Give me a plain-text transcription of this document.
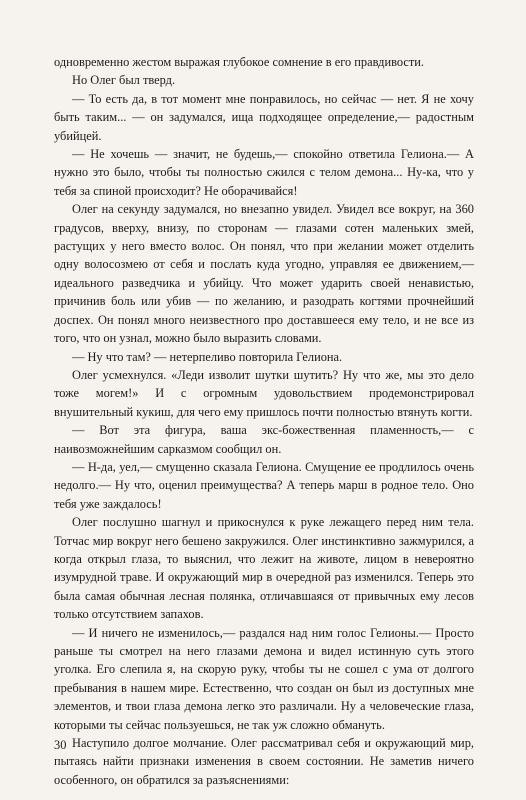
одновременно жестом выражая глубокое сомнение в его правдивости.

Но Олег был тверд.

— То есть да, в тот момент мне понравилось, но сейчас — нет. Я не хочу быть таким... — он задумался, ища подходящее определение,— радостным убийцей.

— Не хочешь — значит, не будешь,— спокойно ответила Гелиона.— А нужно это было, чтобы ты полностью сжился с телом демона... Ну-ка, что у тебя за спиной происходит? Не оборачивайся!

Олег на секунду задумался, но внезапно увидел. Увидел все вокруг, на 360 градусов, вверху, внизу, по сторонам — глазами сотен маленьких змей, растущих у него вместо волос. Он понял, что при желании может отделить одну волосозмею от себя и послать куда угодно, управляя ее движением,— идеального разведчика и убийцу. Что может ударить своей ненавистью, причинив боль или убив — по желанию, и разодрать когтями прочнейший доспех. Он понял много неизвестного про доставшееся ему тело, и не все из того, что он узнал, можно было выразить словами.

— Ну что там? — нетерпеливо повторила Гелиона.

Олег усмехнулся. «Леди изволит шутки шутить? Ну что же, мы это дело тоже могем!» И с огромным удовольствием продемонстрировал внушительный кукиш, для чего ему пришлось почти полностью втянуть когти.

— Вот эта фигура, ваша экс-божественная пламенность,— с наивозможнейшим сарказмом сообщил он.

— Н-да, уел,— смущенно сказала Гелиона. Смущение ее продлилось очень недолго.— Ну что, оценил преимущества? А теперь марш в родное тело. Оно тебя уже заждалось!

Олег послушно шагнул и прикоснулся к руке лежащего перед ним тела. Тотчас мир вокруг него бешено закружился. Олег инстинктивно зажмурился, а когда открыл глаза, то выяснил, что лежит на животе, лицом в невероятно изумрудной траве. И окружающий мир в очередной раз изменился. Теперь это была самая обычная лесная полянка, отличавшаяся от привычных ему лесов только отсутствием запахов.

— И ничего не изменилось,— раздался над ним голос Гелионы.— Просто раньше ты смотрел на него глазами демона и видел истинную суть этого уголка. Его слепила я, на скорую руку, чтобы ты не сошел с ума от долгого пребывания в нашем мире. Естественно, что создан он был из доступных мне элементов, и твои глаза демона легко это различали. Ну а человеческие глаза, которыми ты сейчас пользуешься, не так уж сложно обмануть.

Наступило долгое молчание. Олег рассматривал себя и окружающий мир, пытаясь найти признаки изменения в своем состоянии. Не заметив ничего особенного, он обратился за разъяснениями:

30
